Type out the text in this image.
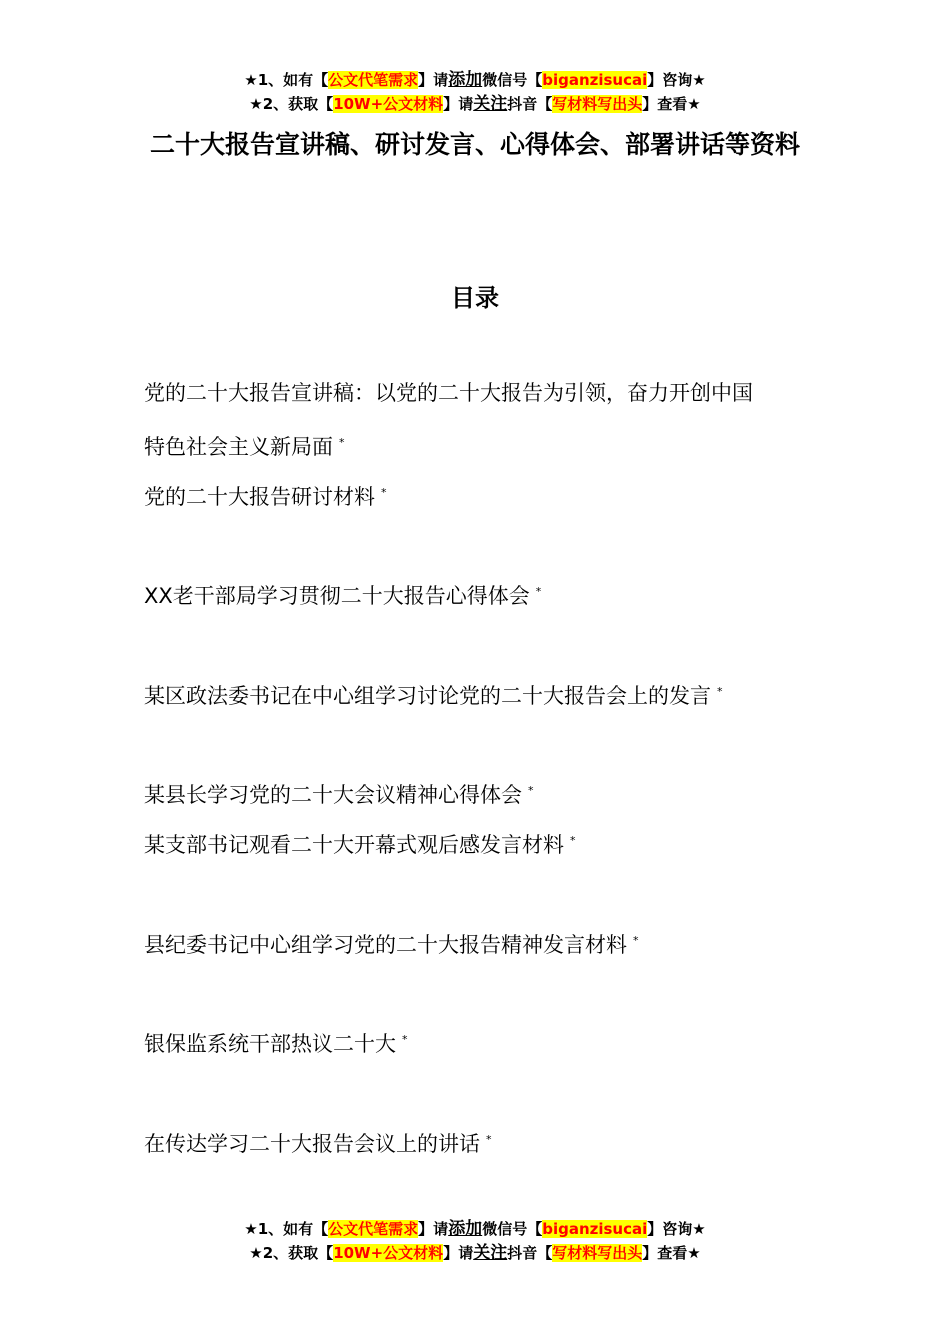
★1、如有【公文代笔需求】请添加微信号【biganzisucai】咨询★
★2、获取【10W+公文材料】请关注抖音【写材料写出头】查看★
二十大报告宣讲稿、研讨发言、心得体会、部署讲话等资料
目录
党的二十大报告宣讲稿：以党的二十大报告为引领，奋力开创中国
特色社会主义新局面 *
党的二十大报告研讨材料 *
XX老干部局学习贯彻二十大报告心得体会 *
某区政法委书记在中心组学习讨论党的二十大报告会上的发言 *
某县长学习党的二十大会议精神心得体会 *
某支部书记观看二十大开幕式观后感发言材料 *
县纪委书记中心组学习党的二十大报告精神发言材料 *
银保监系统干部热议二十大 *
在传达学习二十大报告会议上的讲话 *
★1、如有【公文代笔需求】请添加微信号【biganzisucai】咨询★
★2、获取【10W+公文材料】请关注抖音【写材料写出头】查看★
